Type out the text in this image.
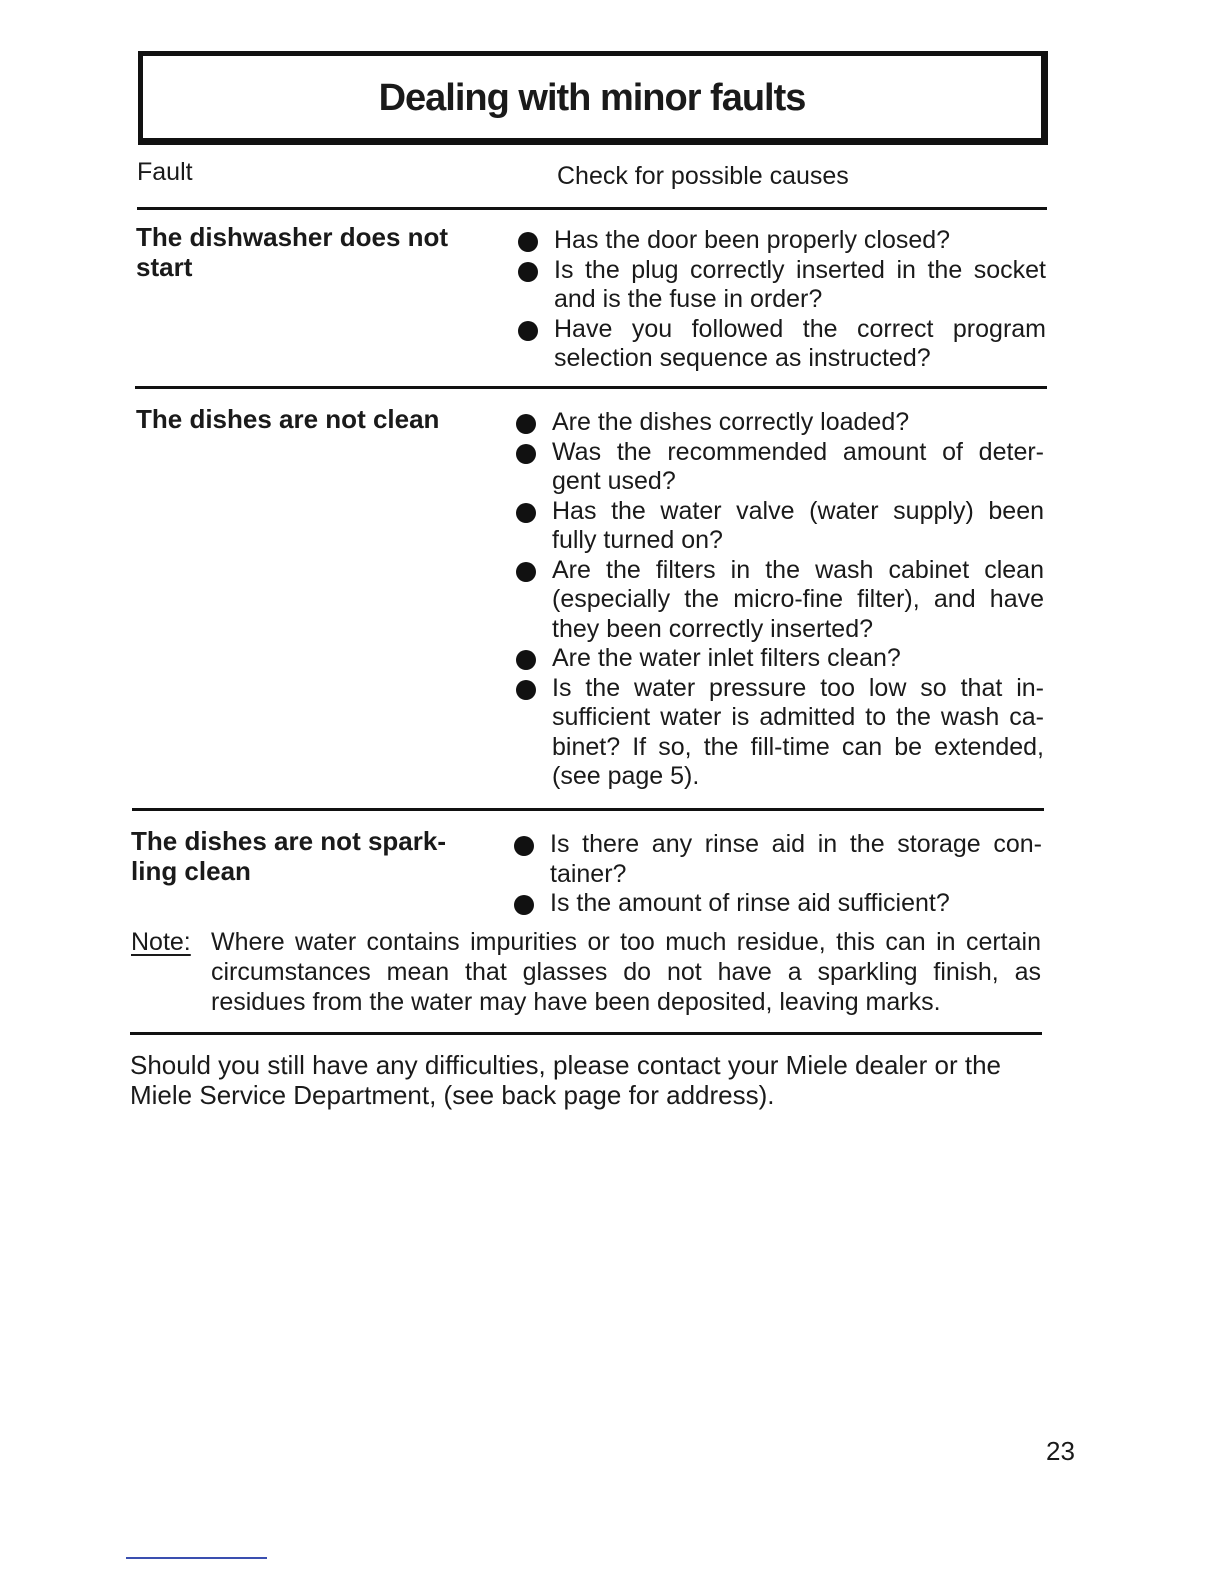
Dealing with minor faults
Fault	Check for possible causes
The dishwasher does not start
Has the door been properly closed?
Is the plug correctly inserted in the socket and is the fuse in order?
Have you followed the correct program selection sequence as instructed?
The dishes are not clean	Are the dishes correctly loaded?
Was the recommended amount of deter-gent used?
Has the water valve (water supply) been fully turned on?
Are the filters in the wash cabinet clean (especially the micro-fine filter), and have they been correctly inserted?
Are the water inlet filters clean?
Is the water pressure too low so that in-sufficient water is admitted to the wash ca-binet? If so, the fill-time can be extended, (see page 5).
The dishes are not spark-ling clean
Is there any rinse aid in the storage con-tainer?
Is the amount of rinse aid sufficient?
Note: Where water contains impurities or too much residue, this can in certain circumstances mean that glasses do not have a sparkling finish, as residues from the water may have been deposited, leaving marks.
Should you still have any difficulties, please contact your Miele dealer or the Miele Service Department, (see back page for address).
23
